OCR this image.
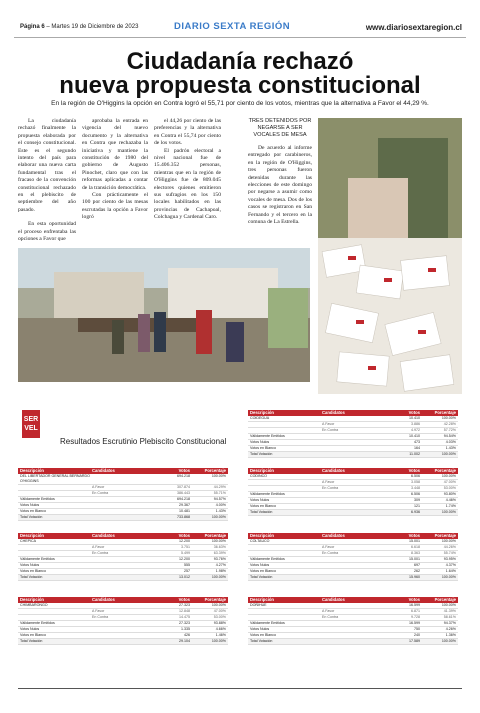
Página 6 – Martes 19 de Diciembre de 2023	DIARIO SEXTA REGIÓN	www.diariosextaregion.cl
Ciudadanía rechazó
nueva propuesta constitucional
En la región de O'Higgins la opción en Contra logró el 55,71 por ciento de los votos, mientras que la alternativa a Favor el 44,29 %.

La ciudadanía rechazó finalmente la propuesta elaborada por el consejo constitucional. Este es el segundo intento del país para elaborar una nueva carta fundamental tras el fracaso de la convención constitucional rechazado en el plebiscito de septiembre del año pasado.

En esta oportunidad el proceso enfrentaba las opciones a Favor que

aprobaba la entrada en vigencia del nuevo documento y la alternativa en Contra que rechazaba la iniciativa y mantiene la constitución de 1980 del gobierno de Augusto Pinochet, claro que con las reformas aplicadas a contar de la transición democrática.

Con prácticamente el 100 por ciento de las mesas escrutadas la opción a Favor logró

el 44,26 por ciento de las preferencias y la alternativa en Contra el 55,74 por ciento de los votos.

El padrón electoral a nivel nacional fue de 15.406.352 personas, mientras que en la región de O'Higgins fue de 809.045 electores quienes emitieron sus sufragios en los 150 locales habilitados en las provincias de Cachapoal, Colchagua y Cardenal Caro.

TRES DETENIDOS POR NEGARSE A SER VOCALES DE MESA

De acuerdo al informe entregado por carabineros, en la región de O'Higgins, tres personas fueron detenidas durante las elecciones de este domingo por negarse a asumir como vocales de mesa. Dos de los casos se registraron en San Fernando y el tercero en la comuna de La Estrella.

SER
VEL
Resultados Escrutinio Plebiscito Constitucional
Descripción	Candidatos	Votos	Porcentaje
COIDEGUA	10.410	100.00%
A Favor	3.886	42.28%
En Contra	4.972	57.72%
Válidamente Emitidos	10.410	94.54%
Votos Nulos	473	4.03%
Votos en Blanco	164	1.43%
Total Votación	11.002	100.00%
Descripción	Candidatos	Votos	Porcentaje
DEL LIBERTADOR GENERAL BERNARDO O'HIGGINS
694.218	100.00%
A Favor	307.874	44.29%
En Contra	386.443	55.71%
Válidamente Emitidos	694.218	94.57%
Votos Nulos	29.367	4.00%
Votos en Blanco	10.481	1.43%
Total Votación	733.868	100.00%
Descripción	Candidatos	Votos	Porcentaje
CODINCO	6.506	100.00%
A Favor	3.058	47.00%
En Contra	3.448	53.00%
Válidamente Emitidos	6.506	93.80%
Votos Nulos	309	4.46%
Votos en Blanco	121	1.74%
Total Votación	6.936	100.00%
Descripción	Candidatos	Votos	Porcentaje
CHEPICA	12.200	100.00%
A Favor	3.751	36.63%
En Contra	5.499	63.39%
Válidamente Emitidos	12.200	93.76%
Votos Nulos	555	4.27%
Votos en Blanco	257	1.98%
Total Votación	13.012	100.00%
Descripción	Candidatos	Votos	Porcentaje
COLTAUCO	15.001	100.00%
A Favor	6.618	44.26%
En Contra	8.363	55.74%
Válidamente Emitidos	15.001	93.95%
Votos Nulos	697	4.37%
Votos en Blanco	262	1.64%
Total Votación	15.960	100.00%
Descripción	Candidatos	Votos	Porcentaje
CHIMBARONGO	27.323	100.00%
A Favor	12.848	47.00%
En Contra	14.475	53.00%
Válidamente Emitidos	27.323	93.88%
Votos Nulos	1.335	4.66%
Votos en Blanco	426	1.46%
Total Votación	29.104	100.00%
Descripción	Candidatos	Votos	Porcentaje
DOÑIHUE	16.599	100.00%
A Favor	6.871	41.39%
En Contra	9.728	58.61%
Válidamente Emitidos	16.599	94.37%
Votos Nulos	750	4.26%
Votos en Blanco	240	1.36%
Total Votación	17.589	100.00%
